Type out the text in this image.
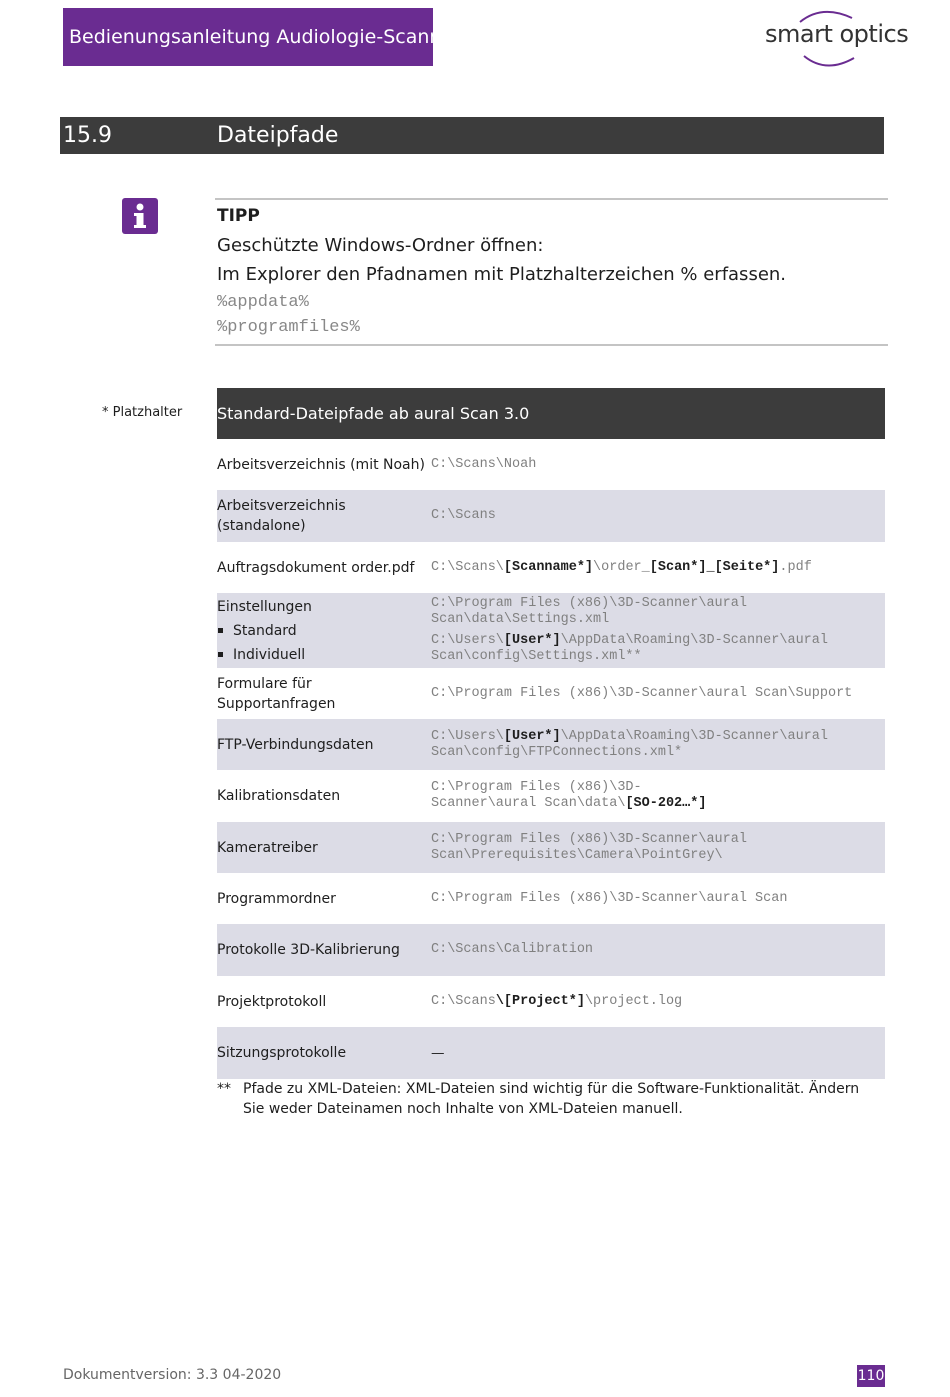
Bedienungsanleitung Audiologie-Scanner	smart optics
15.9	Dateipfade
TIPP
Geschützte Windows-Ordner öffnen:
Im Explorer den Pfadnamen mit Platzhalterzeichen % erfassen.
%appdata%
%programfiles%
* Platzhalter Standard-Dateipfade ab aural Scan 3.0
Arbeitsverzeichnis (mit Noah) C:\Scans\Noah
Arbeitsverzeichnis (standalone)
C:\Scans
Auftragsdokument order.pdf	C:\Scans\[Scanname*]\order_[Scan*]_[Seite*].pdf
Einstellungen
Standard
Individuell
C:\Program Files (x86)\3D-Scanner\aural Scan\data\Settings.xml
C:\Users\[User*]\AppData\Roaming\3D-Scanner\aural Scan\config\Settings.xml**
Formulare für Supportanfragen
C:\Program Files (x86)\3D-Scanner\aural Scan\Support
FTP-Verbindungsdaten
C:\Users\[User*]\AppData\Roaming\3D-Scanner\aural Scan\config\FTPConnections.xml*
Kalibrationsdaten
C:\Program Files (x86)\3D-Scanner\aural Scan\data\[SO-202…*]
Kameratreiber
C:\Program Files (x86)\3D-Scanner\aural Scan\Prerequisites\Camera\PointGrey\
Programmordner	C:\Program Files (x86)\3D-Scanner\aural Scan
Protokolle 3D-Kalibrierung	C:\Scans\Calibration
Projektprotokoll	C:\Scans\[Project*]\project.log
Sitzungsprotokolle	—
** Pfade zu XML-Dateien: XML-Dateien sind wichtig für die Software-Funktionalität. Ändern Sie weder Dateinamen noch Inhalte von XML-Dateien manuell.
Dokumentversion: 3.3 04-2020	110
